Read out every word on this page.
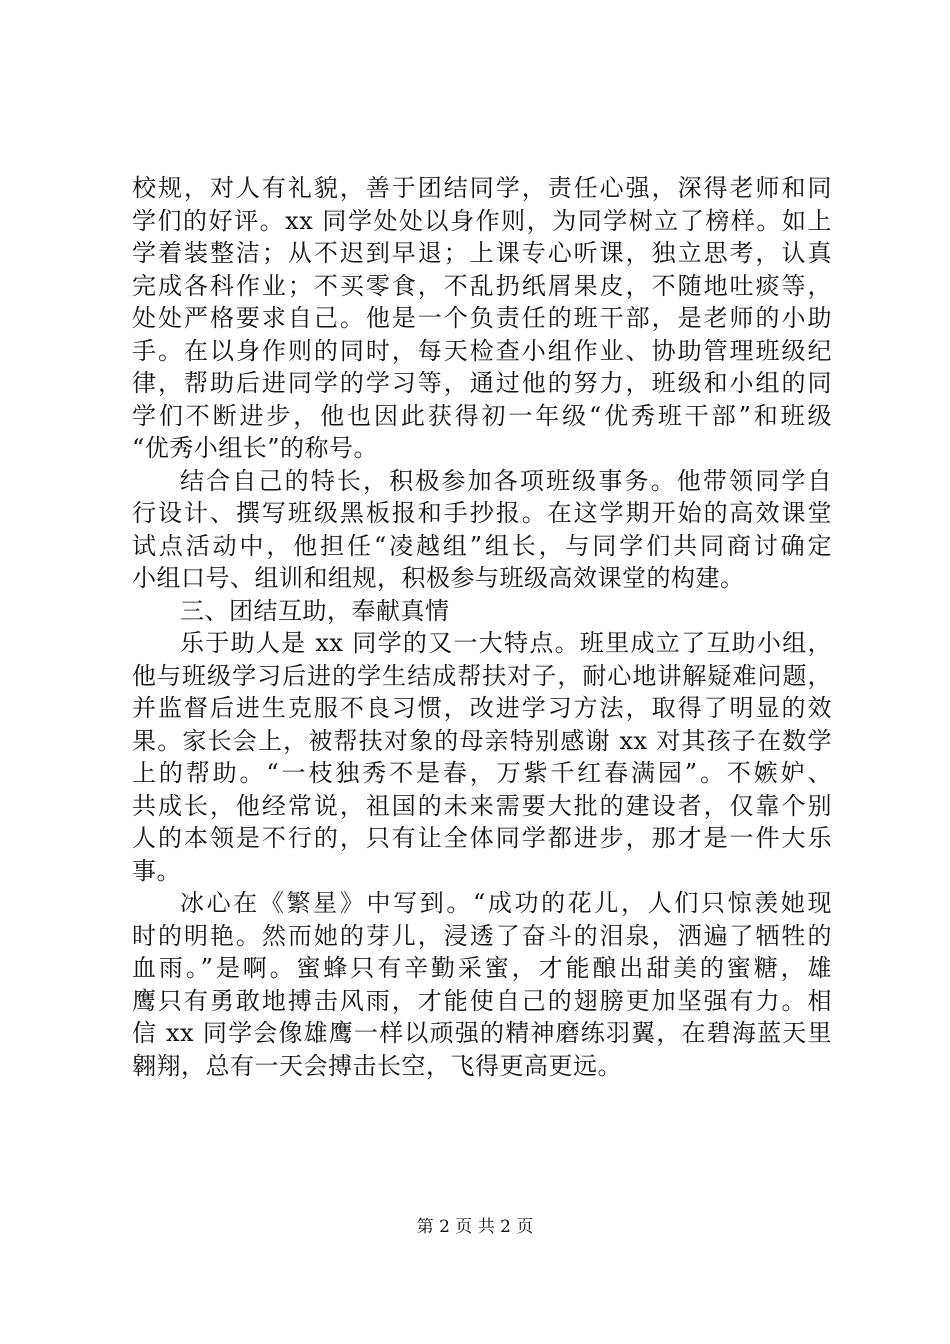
校规，对人有礼貌，善于团结同学，责任心强，深得老师和同
学们的好评。xx 同学处处以身作则，为同学树立了榜样。如上
学着装整洁；从不迟到早退；上课专心听课，独立思考，认真
完成各科作业；不买零食，不乱扔纸屑果皮，不随地吐痰等，
处处严格要求自己。他是一个负责任的班干部，是老师的小助
手。在以身作则的同时，每天检查小组作业、协助管理班级纪
律，帮助后进同学的学习等，通过他的努力，班级和小组的同
学们不断进步，他也因此获得初一年级“优秀班干部”和班级
“优秀小组长”的称号。
结合自己的特长，积极参加各项班级事务。他带领同学自
行设计、撰写班级黑板报和手抄报。在这学期开始的高效课堂
试点活动中，他担任“凌越组”组长，与同学们共同商讨确定
小组口号、组训和组规，积极参与班级高效课堂的构建。
三、团结互助，奉献真情
乐于助人是 xx 同学的又一大特点。班里成立了互助小组，
他与班级学习后进的学生结成帮扶对子，耐心地讲解疑难问题，
并监督后进生克服不良习惯，改进学习方法，取得了明显的效
果。家长会上，被帮扶对象的母亲特别感谢 xx 对其孩子在数学
上的帮助。“一枝独秀不是春，万紫千红春满园”。不嫉妒、
共成长，他经常说，祖国的未来需要大批的建设者，仅靠个别
人的本领是不行的，只有让全体同学都进步，那才是一件大乐
事。
冰心在《繁星》中写到。“成功的花儿，人们只惊羡她现
时的明艳。然而她的芽儿，浸透了奋斗的泪泉，洒遍了牺牲的
血雨。”是啊。蜜蜂只有辛勤采蜜，才能酿出甜美的蜜糖，雄
鹰只有勇敢地搏击风雨，才能使自己的翅膀更加坚强有力。相
信 xx 同学会像雄鹰一样以顽强的精神磨练羽翼，在碧海蓝天里
翱翔，总有一天会搏击长空，飞得更高更远。
第 2 页 共 2 页
